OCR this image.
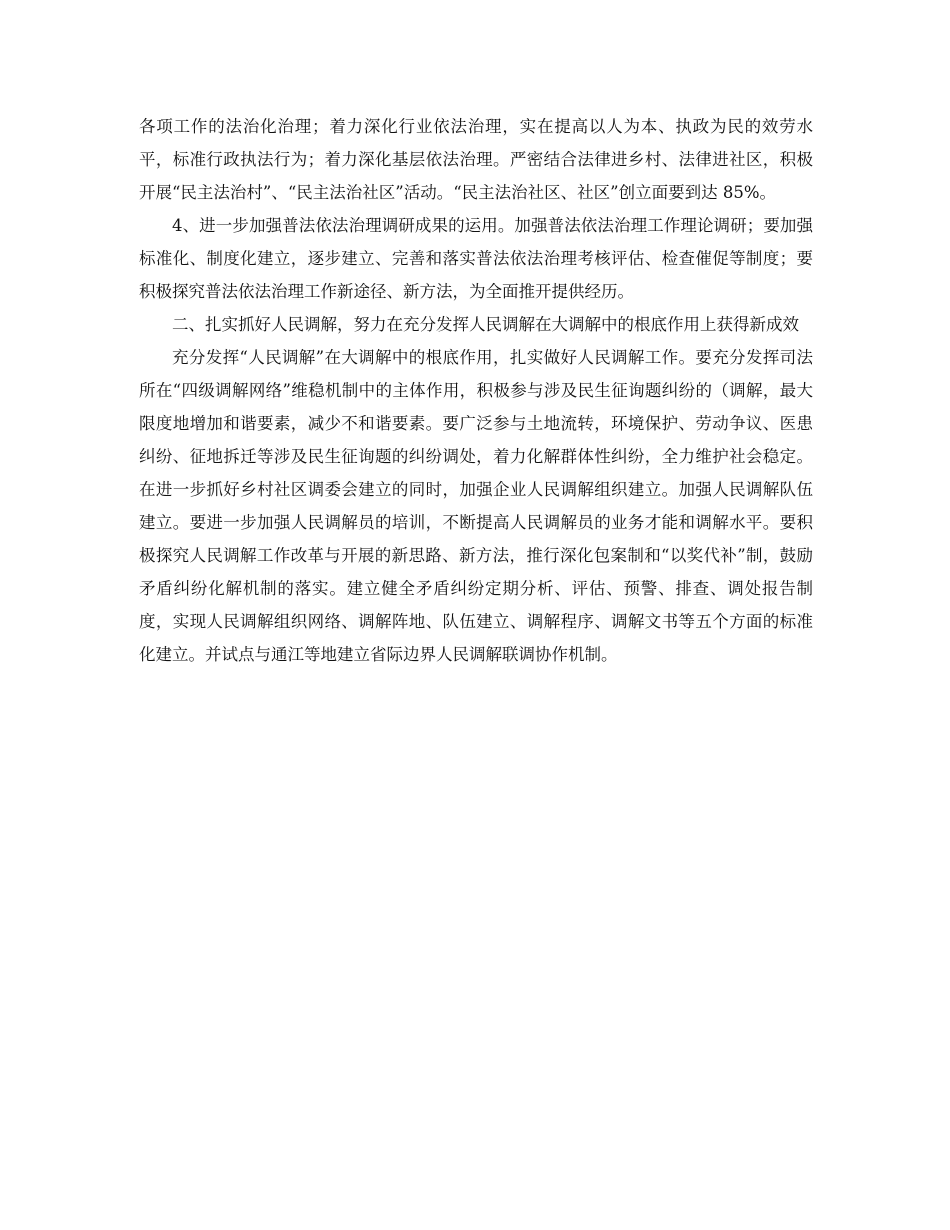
各项工作的法治化治理；着力深化行业依法治理，实在提高以人为本、执政为民的效劳水平，标准行政执法行为；着力深化基层依法治理。严密结合法律进乡村、法律进社区，积极开展“民主法治村”、“民主法治社区”活动。“民主法治社区、社区”创立面要到达 85%。

4、进一步加强普法依法治理调研成果的运用。加强普法依法治理工作理论调研；要加强标准化、制度化建立，逐步建立、完善和落实普法依法治理考核评估、检查催促等制度；要积极探究普法依法治理工作新途径、新方法，为全面推开提供经历。

二、扎实抓好人民调解，努力在充分发挥人民调解在大调解中的根底作用上获得新成效

充分发挥“人民调解”在大调解中的根底作用，扎实做好人民调解工作。要充分发挥司法所在“四级调解网络”维稳机制中的主体作用，积极参与涉及民生征询题纠纷的（调解，最大限度地增加和谐要素，减少不和谐要素。要广泛参与土地流转，环境保护、劳动争议、医患纠纷、征地拆迁等涉及民生征询题的纠纷调处，着力化解群体性纠纷，全力维护社会稳定。在进一步抓好乡村社区调委会建立的同时，加强企业人民调解组织建立。加强人民调解队伍建立。要进一步加强人民调解员的培训，不断提高人民调解员的业务才能和调解水平。要积极探究人民调解工作改革与开展的新思路、新方法，推行深化包案制和“以奖代补”制，鼓励矛盾纠纷化解机制的落实。建立健全矛盾纠纷定期分析、评估、预警、排查、调处报告制度，实现人民调解组织网络、调解阵地、队伍建立、调解程序、调解文书等五个方面的标准化建立。并试点与通江等地建立省际边界人民调解联调协作机制。
